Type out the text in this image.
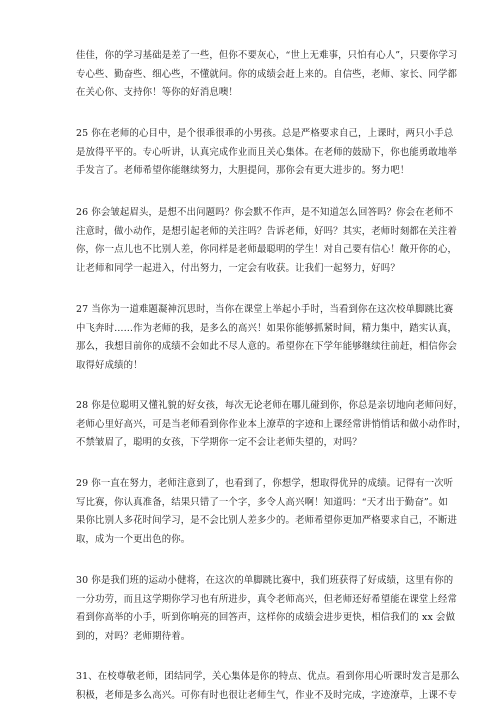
佳佳，你的学习基础是差了一些，但你不要灰心，“世上无难事，只怕有心人”，只要你学习
专心些、勤奋些、细心些，不懂就问。你的成绩会赶上来的。自信些，老师、家长、同学都
在关心你、支持你！等你的好消息噢！
25 你在老师的心目中，是个很乖很乖的小男孩。总是严格要求自己，上课时，两只小手总
是放得平平的。专心听讲，认真完成作业而且关心集体。在老师的鼓励下，你也能勇敢地举
手发言了。老师希望你能继续努力，大胆提问，那你会有更大进步的。努力吧！
26 你会皱起眉头，是想不出问题吗？你会默不作声，是不知道怎么回答吗？你会在老师不
注意时，做小动作，是想引起老师的关注吗？告诉老师，好吗？其实，老师时刻都在关注着
你，你一点儿也不比别人差，你同样是老师最聪明的学生！对自己要有信心！敞开你的心，
让老师和同学一起进入，付出努力，一定会有收获。让我们一起努力，好吗？
27 当你为一道难题凝神沉思时，当你在课堂上举起小手时，当看到你在这次校单脚跳比赛
中飞奔时……作为老师的我，是多么的高兴！如果你能够抓紧时间，精力集中，踏实认真，
那么，我想目前你的成绩不会如此不尽人意的。希望你在下学年能够继续往前赶，相信你会
取得好成绩的！
28 你是位聪明又懂礼貌的好女孩，每次无论老师在哪儿碰到你，你总是亲切地向老师问好，
老师心里好高兴，可是当老师看到你作业本上潦草的字迹和上课经常讲悄悄话和做小动作时，
不禁皱眉了，聪明的女孩，下学期你一定不会让老师失望的，对吗？
29 你一直在努力，老师注意到了，也看到了，你想学，想取得优异的成绩。记得有一次听
写比赛，你认真准备，结果只错了一个字，多令人高兴啊！知道吗：“天才出于勤奋”。如
果你比别人多花时间学习，是不会比别人差多少的。老师希望你更加严格要求自己，不断进
取，成为一个更出色的你。
30 你是我们班的运动小健将，在这次的单脚跳比赛中，我们班获得了好成绩，这里有你的
一分功劳，而且这学期你学习也有所进步，真令老师高兴，但老师还好希望能在课堂上经常
看到你高举的小手，听到你响亮的回答声，这样你的成绩会进步更快，相信我们的 xx 会做
到的，对吗？老师期待着。
31、在校尊敬老师，团结同学，关心集体是你的特点、优点。看到你用心听课时发言是那么
积极，老师是多么高兴。可你有时也很让老师生气，作业不及时完成，字迹潦草，上课不专
